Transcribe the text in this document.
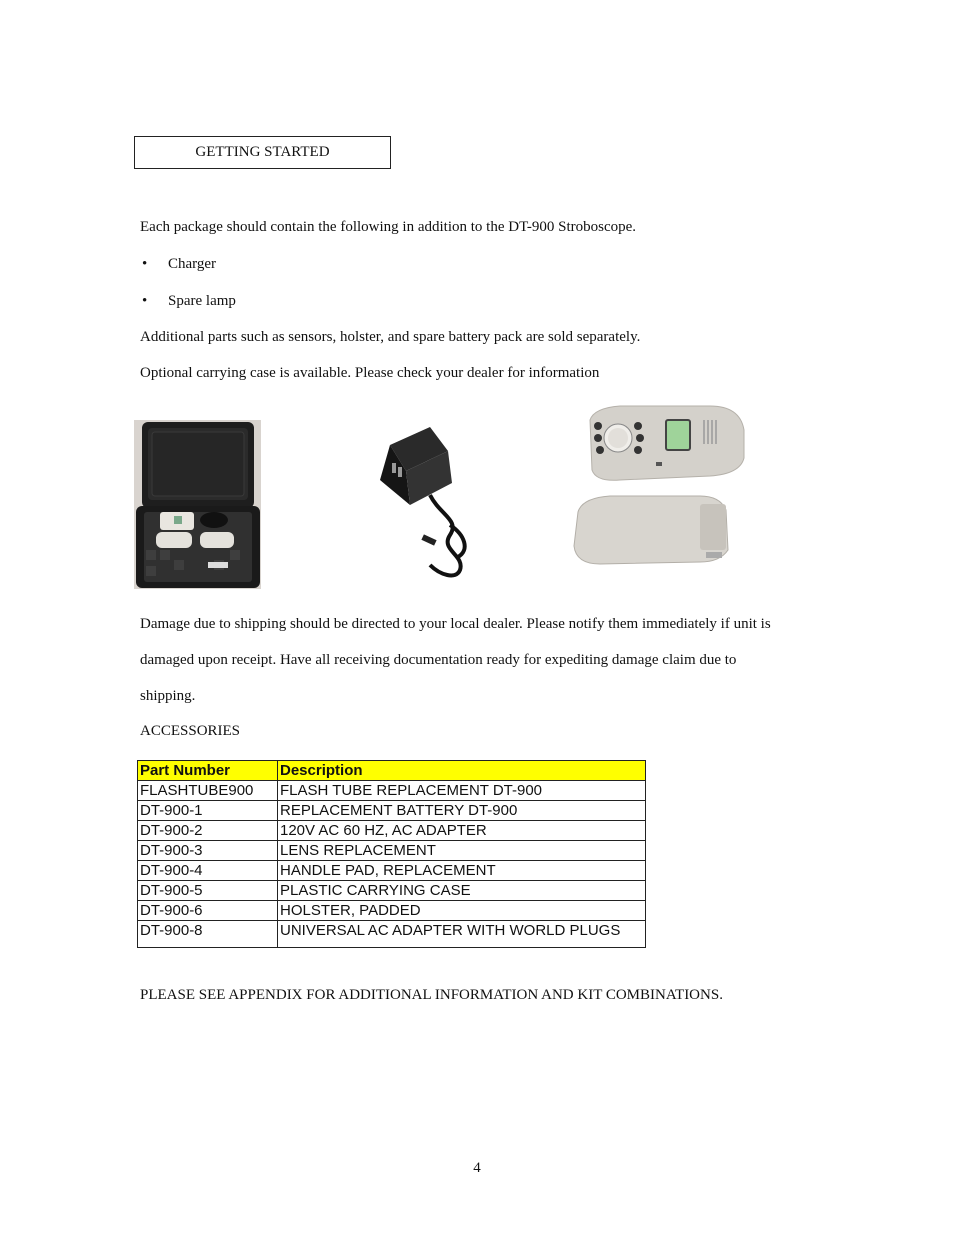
GETTING STARTED
Each package should contain the following in addition to the DT-900 Stroboscope.
• Charger
• Spare lamp
Additional parts such as sensors, holster, and spare battery pack are sold separately.
Optional carrying case is available. Please check your dealer for information
Damage due to shipping should be directed to your local dealer. Please notify them immediately if unit is
damaged upon receipt. Have all receiving documentation ready for expediting damage claim due to
shipping.
ACCESSORIES
Part Number	Description
FLASHTUBE900	FLASH TUBE REPLACEMENT DT-900
DT-900-1	REPLACEMENT BATTERY DT-900
DT-900-2	120V AC 60 HZ, AC ADAPTER
DT-900-3	LENS REPLACEMENT
DT-900-4	HANDLE PAD, REPLACEMENT
DT-900-5	PLASTIC CARRYING CASE
DT-900-6	HOLSTER, PADDED
DT-900-8	UNIVERSAL AC ADAPTER WITH WORLD PLUGS
PLEASE SEE APPENDIX FOR ADDITIONAL INFORMATION AND KIT COMBINATIONS.
4
